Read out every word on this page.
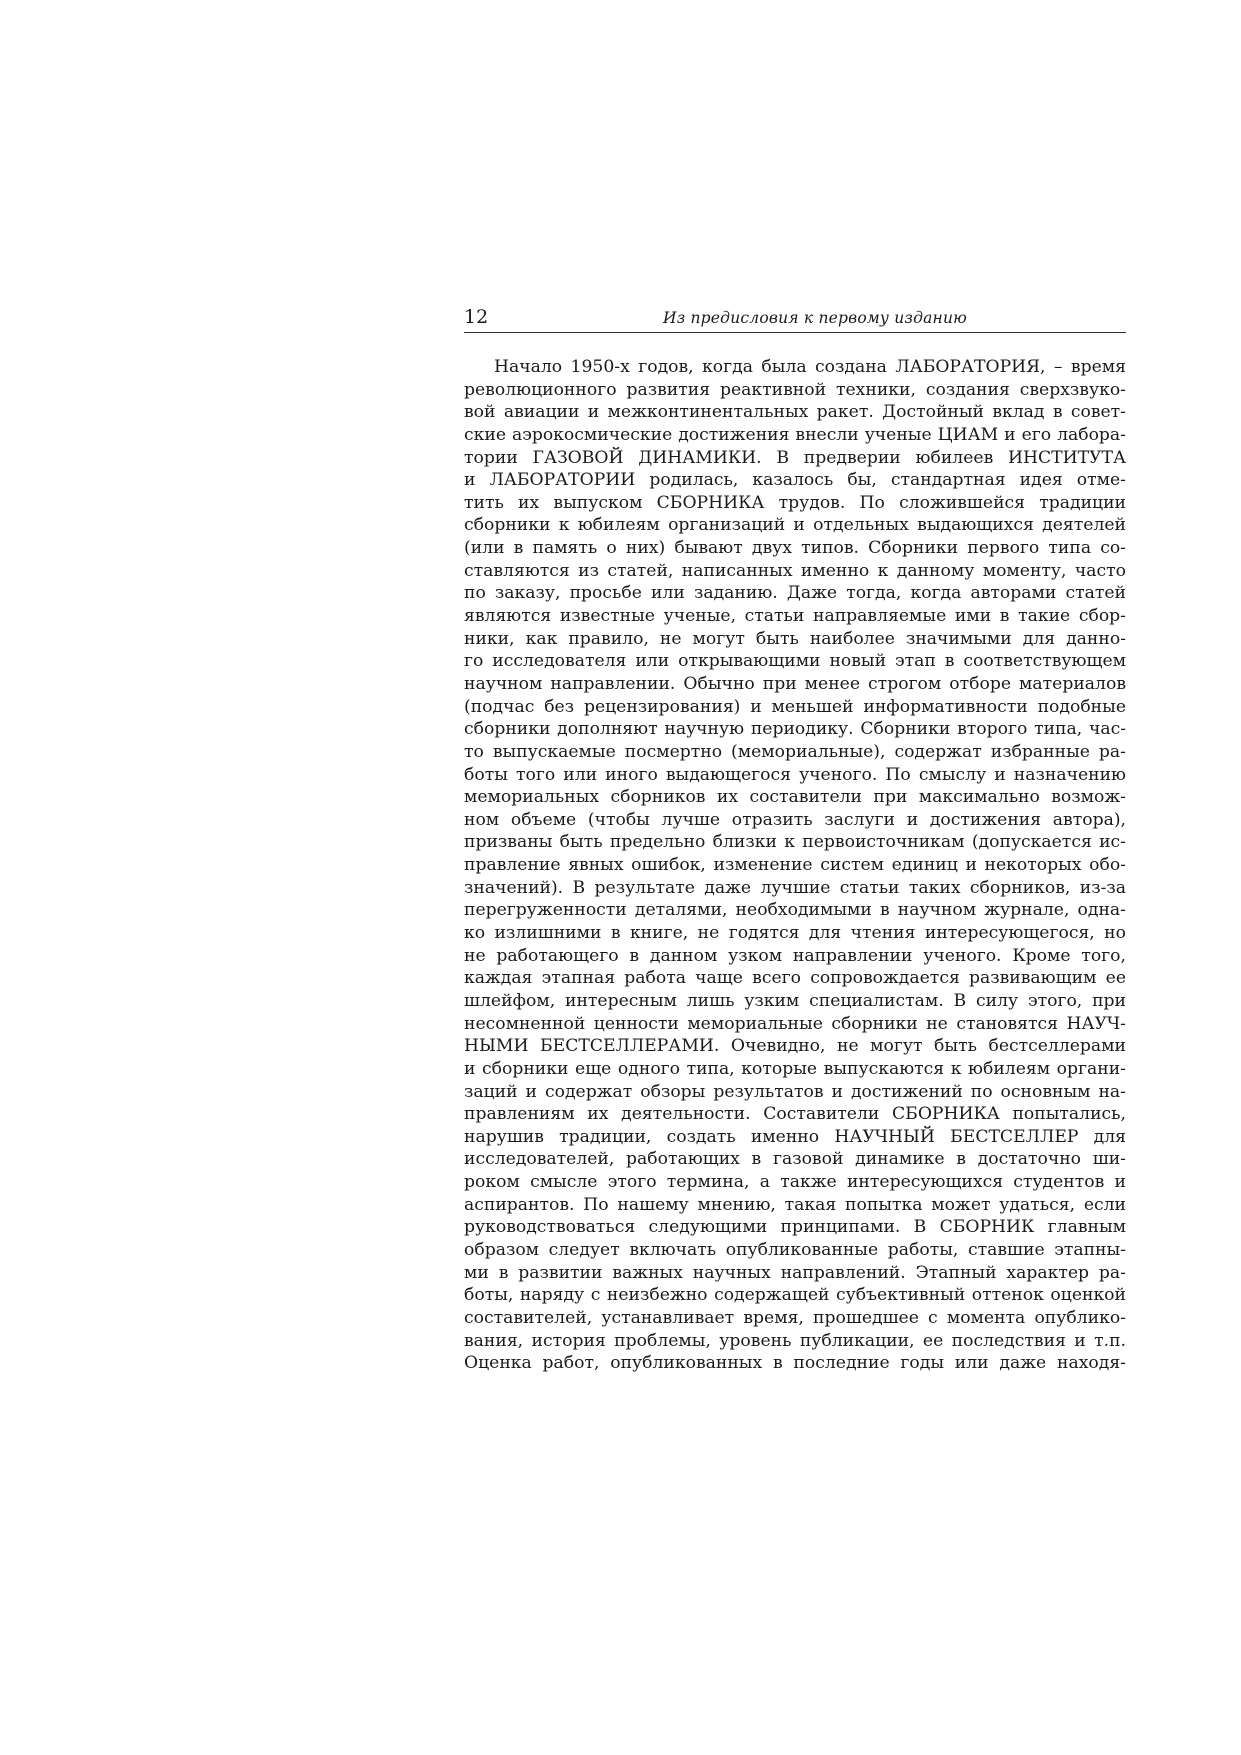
12	Из предисловия к первому изданию
Начало 1950-х годов, когда была создана ЛАБОРАТОРИЯ, – время
революционного развития реактивной техники, создания сверхзвуко-
вой авиации и межконтинентальных ракет. Достойный вклад в совет-
ские аэрокосмические достижения внесли ученые ЦИАМ и его лабора-
тории ГАЗОВОЙ ДИНАМИКИ. В предверии юбилеев ИНСТИТУТА
и ЛАБОРАТОРИИ родилась, казалось бы, стандартная идея отме-
тить их выпуском СБОРНИКА трудов. По сложившейся традиции
сборники к юбилеям организаций и отдельных выдающихся деятелей
(или в память о них) бывают двух типов. Сборники первого типа со-
ставляются из статей, написанных именно к данному моменту, часто
по заказу, просьбе или заданию. Даже тогда, когда авторами статей
являются известные ученые, статьи направляемые ими в такие сбор-
ники, как правило, не могут быть наиболее значимыми для данно-
го исследователя или открывающими новый этап в соответствующем
научном направлении. Обычно при менее строгом отборе материалов
(подчас без рецензирования) и меньшей информативности подобные
сборники дополняют научную периодику. Сборники второго типа, час-
то выпускаемые посмертно (мемориальные), содержат избранные ра-
боты того или иного выдающегося ученого. По смыслу и назначению
мемориальных сборников их составители при максимально возмож-
ном объеме (чтобы лучше отразить заслуги и достижения автора),
призваны быть предельно близки к первоисточникам (допускается ис-
правление явных ошибок, изменение систем единиц и некоторых обо-
значений). В результате даже лучшие статьи таких сборников, из-за
перегруженности деталями, необходимыми в научном журнале, одна-
ко излишними в книге, не годятся для чтения интересующегося, но
не работающего в данном узком направлении ученого. Кроме того,
каждая этапная работа чаще всего сопровождается развивающим ее
шлейфом, интересным лишь узким специалистам. В силу этого, при
несомненной ценности мемориальные сборники не становятся НАУЧ-
НЫМИ БЕСТСЕЛЛЕРАМИ. Очевидно, не могут быть бестселлерами
и сборники еще одного типа, которые выпускаются к юбилеям органи-
заций и содержат обзоры результатов и достижений по основным на-
правлениям их деятельности. Составители СБОРНИКА попытались,
нарушив традиции, создать именно НАУЧНЫЙ БЕСТСЕЛЛЕР для
исследователей, работающих в газовой динамике в достаточно ши-
роком смысле этого термина, а также интересующихся студентов и
аспирантов. По нашему мнению, такая попытка может удаться, если
руководствоваться следующими принципами. В СБОРНИК главным
образом следует включать опубликованные работы, ставшие этапны-
ми в развитии важных научных направлений. Этапный характер ра-
боты, наряду с неизбежно содержащей субъективный оттенок оценкой
составителей, устанавливает время, прошедшее с момента опублико-
вания, история проблемы, уровень публикации, ее последствия и т.п.
Оценка работ, опубликованных в последние годы или даже находя-
